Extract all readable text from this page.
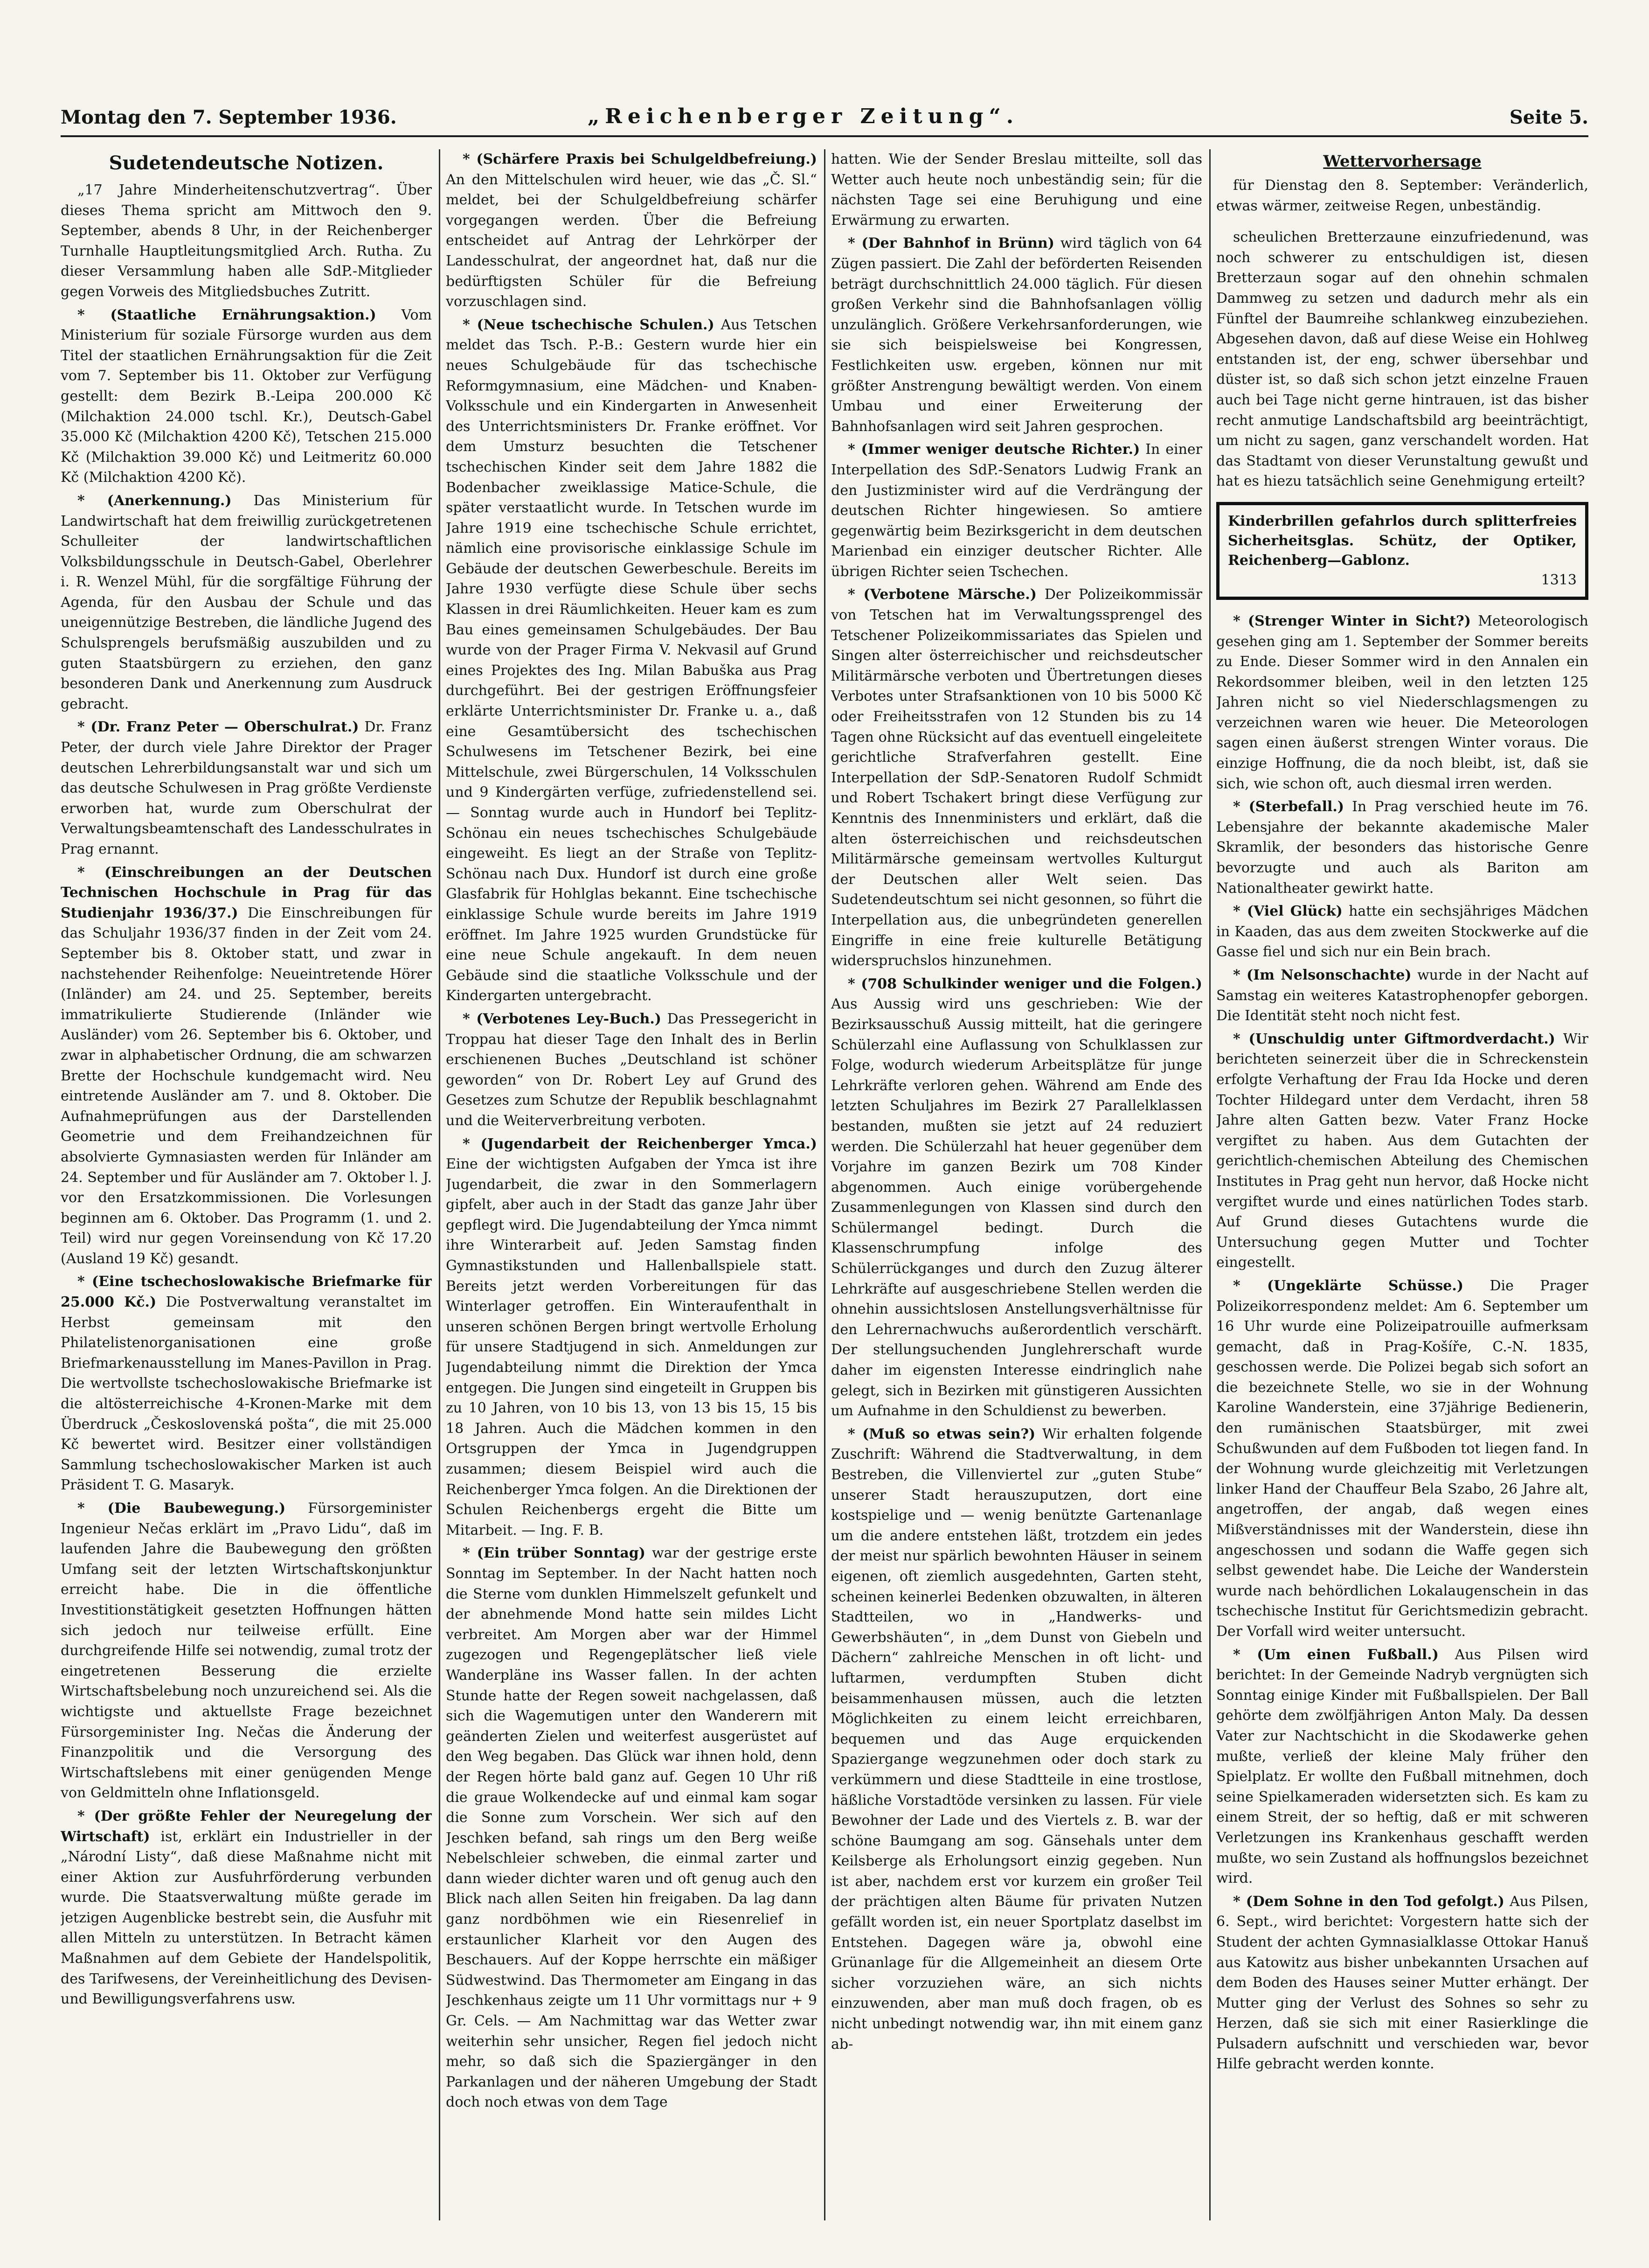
Montag den 7. September 1936.	„Reichenberger Zeitung“.	Seite 5.
Sudetendeutsche Notizen.

„17 Jahre Minderheitenschutzvertrag“. Über dieses Thema spricht am Mittwoch den 9. September, abends 8 Uhr, in der Reichenberger Turnhalle Hauptleitungsmitglied Arch. Rutha. Zu dieser Versammlung haben alle SdP.-Mitglieder gegen Vorweis des Mitgliedsbuches Zutritt.

* (Staatliche Ernährungsaktion.) Vom Ministerium für soziale Fürsorge wurden aus dem Titel der staatlichen Ernährungsaktion für die Zeit vom 7. September bis 11. Oktober zur Verfügung gestellt: dem Bezirk B.-Leipa 200.000 Kč (Milchaktion 24.000 tschl. Kr.), Deutsch-Gabel 35.000 Kč (Milchaktion 4200 Kč), Tetschen 215.000 Kč (Milchaktion 39.000 Kč) und Leitmeritz 60.000 Kč (Milchaktion 4200 Kč).

* (Anerkennung.) Das Ministerium für Landwirtschaft hat dem freiwillig zurückgetretenen Schulleiter der landwirtschaftlichen Volksbildungsschule in Deutsch-Gabel, Oberlehrer i. R. Wenzel Mühl, für die sorgfältige Führung der Agenda, für den Ausbau der Schule und das uneigennützige Bestreben, die ländliche Jugend des Schulsprengels berufsmäßig auszubilden und zu guten Staatsbürgern zu erziehen, den ganz besonderen Dank und Anerkennung zum Ausdruck gebracht.

* (Dr. Franz Peter — Oberschulrat.) Dr. Franz Peter, der durch viele Jahre Direktor der Prager deutschen Lehrerbildungsanstalt war und sich um das deutsche Schulwesen in Prag größte Verdienste erworben hat, wurde zum Oberschulrat der Verwaltungsbeamtenschaft des Landesschulrates in Prag ernannt.

* (Einschreibungen an der Deutschen Technischen Hochschule in Prag für das Studienjahr 1936/37.) Die Einschreibungen für das Schuljahr 1936/37 finden in der Zeit vom 24. September bis 8. Oktober statt, und zwar in nachstehender Reihenfolge: Neueintretende Hörer (Inländer) am 24. und 25. September, bereits immatrikulierte Studierende (Inländer wie Ausländer) vom 26. September bis 6. Oktober, und zwar in alphabetischer Ordnung, die am schwarzen Brette der Hochschule kundgemacht wird. Neu eintretende Ausländer am 7. und 8. Oktober. Die Aufnahmeprüfungen aus der Darstellenden Geometrie und dem Freihandzeichnen für absolvierte Gymnasiasten werden für Inländer am 24. September und für Ausländer am 7. Oktober l. J. vor den Ersatzkommissionen. Die Vorlesungen beginnen am 6. Oktober. Das Programm (1. und 2. Teil) wird nur gegen Voreinsendung von Kč 17.20 (Ausland 19 Kč) gesandt.

* (Eine tschechoslowakische Briefmarke für 25.000 Kč.) Die Postverwaltung veranstaltet im Herbst gemeinsam mit den Philatelistenorganisationen eine große Briefmarkenausstellung im Manes-Pavillon in Prag. Die wertvollste tschechoslowakische Briefmarke ist die altösterreichische 4-Kronen-Marke mit dem Überdruck „Československá pošta“, die mit 25.000 Kč bewertet wird. Besitzer einer vollständigen Sammlung tschechoslowakischer Marken ist auch Präsident T. G. Masaryk.

* (Die Baubewegung.) Fürsorgeminister Ingenieur Nečas erklärt im „Pravo Lidu“, daß im laufenden Jahre die Baubewegung den größten Umfang seit der letzten Wirtschaftskonjunktur erreicht habe. Die in die öffentliche Investitionstätigkeit gesetzten Hoffnungen hätten sich jedoch nur teilweise erfüllt. Eine durchgreifende Hilfe sei notwendig, zumal trotz der eingetretenen Besserung die erzielte Wirtschaftsbelebung noch unzureichend sei. Als die wichtigste und aktuellste Frage bezeichnet Fürsorgeminister Ing. Nečas die Änderung der Finanzpolitik und die Versorgung des Wirtschaftslebens mit einer genügenden Menge von Geldmitteln ohne Inflationsgeld.

* (Der größte Fehler der Neuregelung der Wirtschaft) ist, erklärt ein Industrieller in der „Národní Listy“, daß diese Maßnahme nicht mit einer Aktion zur Ausfuhrförderung verbunden wurde. Die Staatsverwaltung müßte gerade im jetzigen Augenblicke bestrebt sein, die Ausfuhr mit allen Mitteln zu unterstützen. In Betracht kämen Maßnahmen auf dem Gebiete der Handelspolitik, des Tarifwesens, der Vereinheitlichung des Devisen- und Bewilligungsverfahrens usw.

* (Schärfere Praxis bei Schulgeldbefreiung.) An den Mittelschulen wird heuer, wie das „Č. Sl.“ meldet, bei der Schulgeldbefreiung schärfer vorgegangen werden. Über die Befreiung entscheidet auf Antrag der Lehrkörper der Landesschulrat, der angeordnet hat, daß nur die bedürftigsten Schüler für die Befreiung vorzuschlagen sind.

* (Neue tschechische Schulen.) Aus Tetschen meldet das Tsch. P.-B.: Gestern wurde hier ein neues Schulgebäude für das tschechische Reformgymnasium, eine Mädchen- und Knaben-Volksschule und ein Kindergarten in Anwesenheit des Unterrichtsministers Dr. Franke eröffnet. Vor dem Umsturz besuchten die Tetschener tschechischen Kinder seit dem Jahre 1882 die Bodenbacher zweiklassige Matice-Schule, die später verstaatlicht wurde. In Tetschen wurde im Jahre 1919 eine tschechische Schule errichtet, nämlich eine provisorische einklassige Schule im Gebäude der deutschen Gewerbeschule. Bereits im Jahre 1930 verfügte diese Schule über sechs Klassen in drei Räumlichkeiten. Heuer kam es zum Bau eines gemeinsamen Schulgebäudes. Der Bau wurde von der Prager Firma V. Nekvasil auf Grund eines Projektes des Ing. Milan Babuška aus Prag durchgeführt. Bei der gestrigen Eröffnungsfeier erklärte Unterrichtsminister Dr. Franke u. a., daß eine Gesamtübersicht des tschechischen Schulwesens im Tetschener Bezirk, bei eine Mittelschule, zwei Bürgerschulen, 14 Volksschulen und 9 Kindergärten verfüge, zufriedenstellend sei. — Sonntag wurde auch in Hundorf bei Teplitz-Schönau ein neues tschechisches Schulgebäude eingeweiht. Es liegt an der Straße von Teplitz-Schönau nach Dux. Hundorf ist durch eine große Glasfabrik für Hohlglas bekannt. Eine tschechische einklassige Schule wurde bereits im Jahre 1919 eröffnet. Im Jahre 1925 wurden Grundstücke für eine neue Schule angekauft. In dem neuen Gebäude sind die staatliche Volksschule und der Kindergarten untergebracht.

* (Verbotenes Ley-Buch.) Das Pressegericht in Troppau hat dieser Tage den Inhalt des in Berlin erschienenen Buches „Deutschland ist schöner geworden“ von Dr. Robert Ley auf Grund des Gesetzes zum Schutze der Republik beschlagnahmt und die Weiterverbreitung verboten.

* (Jugendarbeit der Reichenberger Ymca.) Eine der wichtigsten Aufgaben der Ymca ist ihre Jugendarbeit, die zwar in den Sommerlagern gipfelt, aber auch in der Stadt das ganze Jahr über gepflegt wird. Die Jugendabteilung der Ymca nimmt ihre Winterarbeit auf. Jeden Samstag finden Gymnastikstunden und Hallenballspiele statt. Bereits jetzt werden Vorbereitungen für das Winterlager getroffen. Ein Winteraufenthalt in unseren schönen Bergen bringt wertvolle Erholung für unsere Stadtjugend in sich. Anmeldungen zur Jugendabteilung nimmt die Direktion der Ymca entgegen. Die Jungen sind eingeteilt in Gruppen bis zu 10 Jahren, von 10 bis 13, von 13 bis 15, 15 bis 18 Jahren. Auch die Mädchen kommen in den Ortsgruppen der Ymca in Jugendgruppen zusammen; diesem Beispiel wird auch die Reichenberger Ymca folgen. An die Direktionen der Schulen Reichenbergs ergeht die Bitte um Mitarbeit. — Ing. F. B.

* (Ein trüber Sonntag) war der gestrige erste Sonntag im September. In der Nacht hatten noch die Sterne vom dunklen Himmelszelt gefunkelt und der abnehmende Mond hatte sein mildes Licht verbreitet. Am Morgen aber war der Himmel zugezogen und Regengeplätscher ließ viele Wanderpläne ins Wasser fallen. In der achten Stunde hatte der Regen soweit nachgelassen, daß sich die Wagemutigen unter den Wanderern mit geänderten Zielen und weiterfest ausgerüstet auf den Weg begaben. Das Glück war ihnen hold, denn der Regen hörte bald ganz auf. Gegen 10 Uhr riß die graue Wolkendecke auf und einmal kam sogar die Sonne zum Vorschein. Wer sich auf den Jeschken befand, sah rings um den Berg weiße Nebelschleier schweben, die einmal zarter und dann wieder dichter waren und oft genug auch den Blick nach allen Seiten hin freigaben. Da lag dann ganz nordböhmen wie ein Riesenrelief in erstaunlicher Klarheit vor den Augen des Beschauers. Auf der Koppe herrschte ein mäßiger Südwestwind. Das Thermometer am Eingang in das Jeschkenhaus zeigte um 11 Uhr vormittags nur + 9 Gr. Cels. — Am Nachmittag war das Wetter zwar weiterhin sehr unsicher, Regen fiel jedoch nicht mehr, so daß sich die Spaziergänger in den Parkanlagen und der näheren Umgebung der Stadt doch noch etwas von dem Tage

hatten. Wie der Sender Breslau mitteilte, soll das Wetter auch heute noch unbeständig sein; für die nächsten Tage sei eine Beruhigung und eine Erwärmung zu erwarten.

* (Der Bahnhof in Brünn) wird täglich von 64 Zügen passiert. Die Zahl der beförderten Reisenden beträgt durchschnittlich 24.000 täglich. Für diesen großen Verkehr sind die Bahnhofsanlagen völlig unzulänglich. Größere Verkehrsanforderungen, wie sie sich beispielsweise bei Kongressen, Festlichkeiten usw. ergeben, können nur mit größter Anstrengung bewältigt werden. Von einem Umbau und einer Erweiterung der Bahnhofsanlagen wird seit Jahren gesprochen.

* (Immer weniger deutsche Richter.) In einer Interpellation des SdP.-Senators Ludwig Frank an den Justizminister wird auf die Verdrängung der deutschen Richter hingewiesen. So amtiere gegenwärtig beim Bezirksgericht in dem deutschen Marienbad ein einziger deutscher Richter. Alle übrigen Richter seien Tschechen.

* (Verbotene Märsche.) Der Polizeikommissär von Tetschen hat im Verwaltungssprengel des Tetschener Polizeikommissariates das Spielen und Singen alter österreichischer und reichsdeutscher Militärmärsche verboten und Übertretungen dieses Verbotes unter Strafsanktionen von 10 bis 5000 Kč oder Freiheitsstrafen von 12 Stunden bis zu 14 Tagen ohne Rücksicht auf das eventuell eingeleitete gerichtliche Strafverfahren gestellt. Eine Interpellation der SdP.-Senatoren Rudolf Schmidt und Robert Tschakert bringt diese Verfügung zur Kenntnis des Innenministers und erklärt, daß die alten österreichischen und reichsdeutschen Militärmärsche gemeinsam wertvolles Kulturgut der Deutschen aller Welt seien. Das Sudetendeutschtum sei nicht gesonnen, so führt die Interpellation aus, die unbegründeten generellen Eingriffe in eine freie kulturelle Betätigung widerspruchslos hinzunehmen.

* (708 Schulkinder weniger und die Folgen.) Aus Aussig wird uns geschrieben: Wie der Bezirksausschuß Aussig mitteilt, hat die geringere Schülerzahl eine Auflassung von Schulklassen zur Folge, wodurch wiederum Arbeitsplätze für junge Lehrkräfte verloren gehen. Während am Ende des letzten Schuljahres im Bezirk 27 Parallelklassen bestanden, mußten sie jetzt auf 24 reduziert werden. Die Schülerzahl hat heuer gegenüber dem Vorjahre im ganzen Bezirk um 708 Kinder abgenommen. Auch einige vorübergehende Zusammenlegungen von Klassen sind durch den Schülermangel bedingt. Durch die Klassenschrumpfung infolge des Schülerrückganges und durch den Zuzug älterer Lehrkräfte auf ausgeschriebene Stellen werden die ohnehin aussichtslosen Anstellungsverhältnisse für den Lehrernachwuchs außerordentlich verschärft. Der stellungsuchenden Junglehrerschaft wurde daher im eigensten Interesse eindringlich nahe gelegt, sich in Bezirken mit günstigeren Aussichten um Aufnahme in den Schuldienst zu bewerben.

* (Muß so etwas sein?) Wir erhalten folgende Zuschrift: Während die Stadtverwaltung, in dem Bestreben, die Villenviertel zur „guten Stube“ unserer Stadt herauszuputzen, dort eine kostspielige und — wenig benützte Gartenanlage um die andere entstehen läßt, trotzdem ein jedes der meist nur spärlich bewohnten Häuser in seinem eigenen, oft ziemlich ausgedehnten, Garten steht, scheinen keinerlei Bedenken obzuwalten, in älteren Stadtteilen, wo in „Handwerks- und Gewerbshäuten“, in „dem Dunst von Giebeln und Dächern“ zahlreiche Menschen in oft licht- und luftarmen, verdumpften Stuben dicht beisammenhausen müssen, auch die letzten Möglichkeiten zu einem leicht erreichbaren, bequemen und das Auge erquickenden Spaziergange wegzunehmen oder doch stark zu verkümmern und diese Stadtteile in eine trostlose, häßliche Vorstadtöde versinken zu lassen. Für viele Bewohner der Lade und des Viertels z. B. war der schöne Baumgang am sog. Gänsehals unter dem Keilsberge als Erholungsort einzig gegeben. Nun ist aber, nachdem erst vor kurzem ein großer Teil der prächtigen alten Bäume für privaten Nutzen gefällt worden ist, ein neuer Sportplatz daselbst im Entstehen. Dagegen wäre ja, obwohl eine Grünanlage für die Allgemeinheit an diesem Orte sicher vorzuziehen wäre, an sich nichts einzuwenden, aber man muß doch fragen, ob es nicht unbedingt notwendig war, ihn mit einem ganz ab-

Wettervorhersage

für Dienstag den 8. September: Veränderlich, etwas wärmer, zeitweise Regen, unbeständig.

scheulichen Bretterzaune einzufriedenund, was noch schwerer zu entschuldigen ist, diesen Bretterzaun sogar auf den ohnehin schmalen Dammweg zu setzen und dadurch mehr als ein Fünftel der Baumreihe schlankweg einzubeziehen. Abgesehen davon, daß auf diese Weise ein Hohlweg entstanden ist, der eng, schwer übersehbar und düster ist, so daß sich schon jetzt einzelne Frauen auch bei Tage nicht gerne hintrauen, ist das bisher recht anmutige Landschaftsbild arg beeinträchtigt, um nicht zu sagen, ganz verschandelt worden. Hat das Stadtamt von dieser Verunstaltung gewußt und hat es hiezu tatsächlich seine Genehmigung erteilt?

Kinderbrillen gefahrlos durch splitterfreies Sicherheitsglas. Schütz, der Optiker, Reichenberg—Gablonz.
1313

* (Strenger Winter in Sicht?) Meteorologisch gesehen ging am 1. September der Sommer bereits zu Ende. Dieser Sommer wird in den Annalen ein Rekordsommer bleiben, weil in den letzten 125 Jahren nicht so viel Niederschlagsmengen zu verzeichnen waren wie heuer. Die Meteorologen sagen einen äußerst strengen Winter voraus. Die einzige Hoffnung, die da noch bleibt, ist, daß sie sich, wie schon oft, auch diesmal irren werden.

* (Sterbefall.) In Prag verschied heute im 76. Lebensjahre der bekannte akademische Maler Skramlik, der besonders das historische Genre bevorzugte und auch als Bariton am Nationaltheater gewirkt hatte.

* (Viel Glück) hatte ein sechsjähriges Mädchen in Kaaden, das aus dem zweiten Stockwerke auf die Gasse fiel und sich nur ein Bein brach.

* (Im Nelsonschachte) wurde in der Nacht auf Samstag ein weiteres Katastrophenopfer geborgen. Die Identität steht noch nicht fest.

* (Unschuldig unter Giftmordverdacht.) Wir berichteten seinerzeit über die in Schreckenstein erfolgte Verhaftung der Frau Ida Hocke und deren Tochter Hildegard unter dem Verdacht, ihren 58 Jahre alten Gatten bezw. Vater Franz Hocke vergiftet zu haben. Aus dem Gutachten der gerichtlich-chemischen Abteilung des Chemischen Institutes in Prag geht nun hervor, daß Hocke nicht vergiftet wurde und eines natürlichen Todes starb. Auf Grund dieses Gutachtens wurde die Untersuchung gegen Mutter und Tochter eingestellt.

* (Ungeklärte Schüsse.) Die Prager Polizeikorrespondenz meldet: Am 6. September um 16 Uhr wurde eine Polizeipatrouille aufmerksam gemacht, daß in Prag-Košíře, C.-N. 1835, geschossen werde. Die Polizei begab sich sofort an die bezeichnete Stelle, wo sie in der Wohnung Karoline Wanderstein, eine 37jährige Bedienerin, den rumänischen Staatsbürger, mit zwei Schußwunden auf dem Fußboden tot liegen fand. In der Wohnung wurde gleichzeitig mit Verletzungen linker Hand der Chauffeur Bela Szabo, 26 Jahre alt, angetroffen, der angab, daß wegen eines Mißverständnisses mit der Wanderstein, diese ihn angeschossen und sodann die Waffe gegen sich selbst gewendet habe. Die Leiche der Wanderstein wurde nach behördlichen Lokalaugenschein in das tschechische Institut für Gerichtsmedizin gebracht. Der Vorfall wird weiter untersucht.

* (Um einen Fußball.) Aus Pilsen wird berichtet: In der Gemeinde Nadryb vergnügten sich Sonntag einige Kinder mit Fußballspielen. Der Ball gehörte dem zwölfjährigen Anton Maly. Da dessen Vater zur Nachtschicht in die Skodawerke gehen mußte, verließ der kleine Maly früher den Spielplatz. Er wollte den Fußball mitnehmen, doch seine Spielkameraden widersetzten sich. Es kam zu einem Streit, der so heftig, daß er mit schweren Verletzungen ins Krankenhaus geschafft werden mußte, wo sein Zustand als hoffnungslos bezeichnet wird.

* (Dem Sohne in den Tod gefolgt.) Aus Pilsen, 6. Sept., wird berichtet: Vorgestern hatte sich der Student der achten Gymnasialklasse Ottokar Hanuš aus Katowitz aus bisher unbekannten Ursachen auf dem Boden des Hauses seiner Mutter erhängt. Der Mutter ging der Verlust des Sohnes so sehr zu Herzen, daß sie sich mit einer Rasierklinge die Pulsadern aufschnitt und verschieden war, bevor Hilfe gebracht werden konnte.
